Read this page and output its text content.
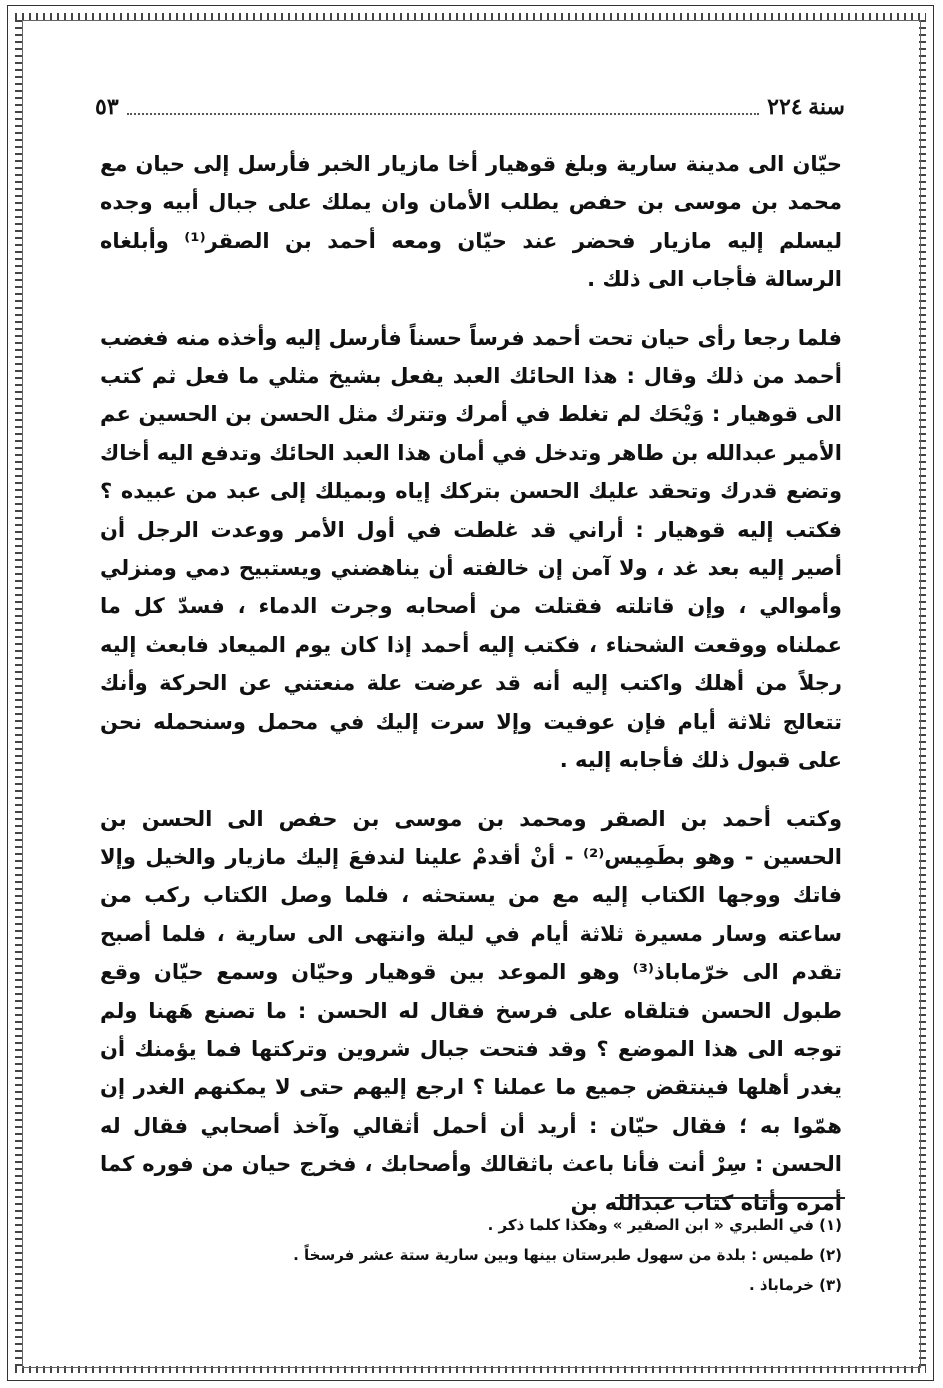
سنة ٢٢٤
٥٣

حيّان الى مدينة سارية وبلغ قوهيار أخا مازيار الخبر فأرسل إلى حيان مع محمد بن موسى بن حفص يطلب الأمان وان يملك على جبال أبيه وجده ليسلم إليه مازيار فحضر عند حيّان ومعه أحمد بن الصقر⁽¹⁾ وأبلغاه الرسالة فأجاب الى ذلك .

فلما رجعا رأى حيان تحت أحمد فرساً حسناً فأرسل إليه وأخذه منه فغضب أحمد من ذلك وقال : هذا الحائك العبد يفعل بشيخ مثلي ما فعل ثم كتب الى قوهيار : وَيْحَك لم تغلط في أمرك وتترك مثل الحسن بن الحسين عم الأمير عبدالله بن طاهر وتدخل في أمان هذا العبد الحائك وتدفع اليه أخاك وتضع قدرك وتحقد عليك الحسن بتركك إياه وبميلك إلى عبد من عبيده ؟ فكتب إليه قوهيار : أراني قد غلطت في أول الأمر ووعدت الرجل أن أصير إليه بعد غد ، ولا آمن إن خالفته أن يناهضني ويستبيح دمي ومنزلي وأموالي ، وإن قاتلته فقتلت من أصحابه وجرت الدماء ، فسدّ كل ما عملناه ووقعت الشحناء ، فكتب إليه أحمد إذا كان يوم الميعاد فابعث إليه رجلاً من أهلك واكتب إليه أنه قد عرضت علة منعتني عن الحركة وأنك تتعالج ثلاثة أيام فإن عوفيت وإلا سرت إليك في محمل وسنحمله نحن على قبول ذلك فأجابه إليه .

وكتب أحمد بن الصقر ومحمد بن موسى بن حفص الى الحسن بن الحسين - وهو بطَمِيس⁽²⁾ - أنْ أقدمْ علينا لندفعَ إليك مازيار والخيل وإلا فاتك ووجها الكتاب إليه مع من يستحثه ، فلما وصل الكتاب ركب من ساعته وسار مسيرة ثلاثة أيام في ليلة وانتهى الى سارية ، فلما أصبح تقدم الى خرّماباذ⁽³⁾ وهو الموعد بين قوهيار وحيّان وسمع حيّان وقع طبول الحسن فتلقاه على فرسخ فقال له الحسن : ما تصنع هَهنا ولم توجه الى هذا الموضع ؟ وقد فتحت جبال شروين وتركتها فما يؤمنك أن يغدر أهلها فينتقض جميع ما عملنا ؟ ارجع إليهم حتى لا يمكنهم الغدر إن همّوا به ؛ فقال حيّان : أريد أن أحمل أثقالي وآخذ أصحابي فقال له الحسن : سِرْ أنت فأنا باعث باثقالك وأصحابك ، فخرج حيان من فوره كما أمره وأتاه كتاب عبدالله بن

(١) في الطبري « ابن الصقير » وهكذا كلما ذكر .
(٢) طميس : بلدة من سهول طبرستان بينها وبين سارية ستة عشر فرسخاً .
(٣) خرماباذ .
